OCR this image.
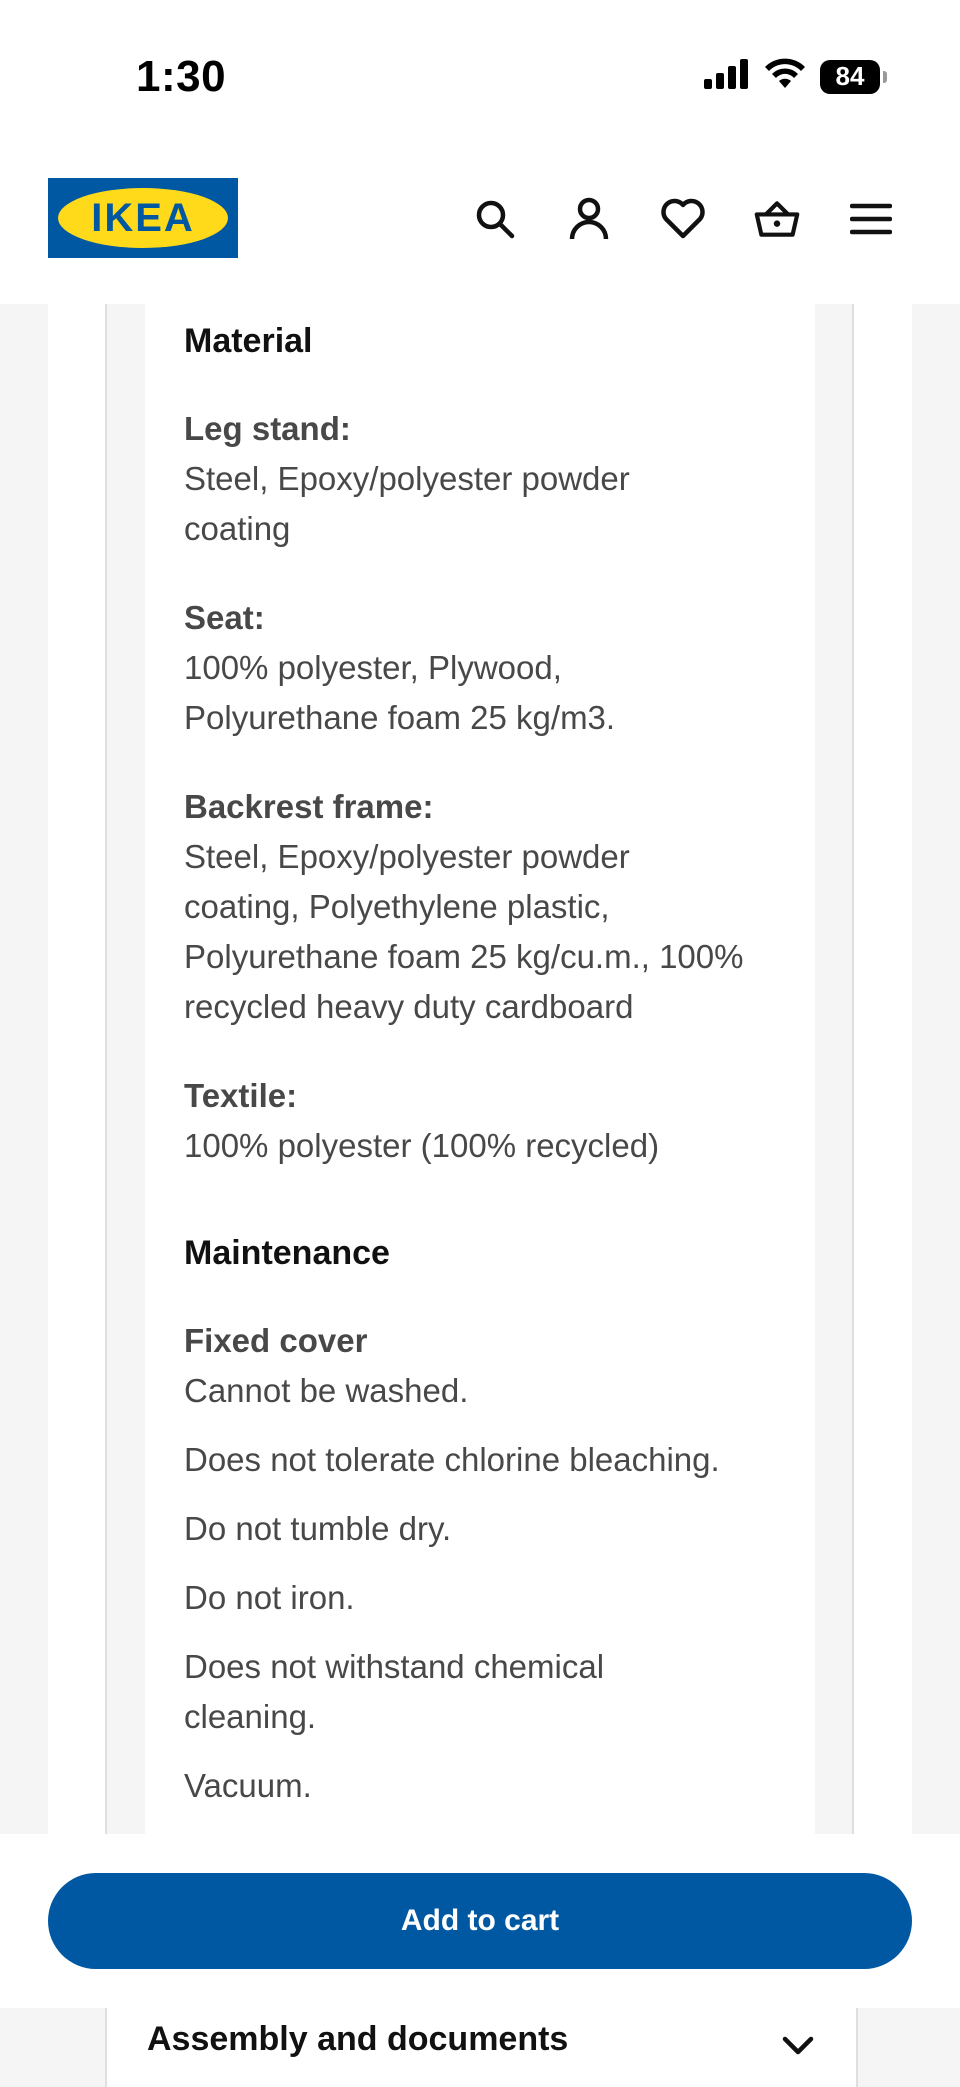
1:30	84
IKEA
Material
Leg stand:
Steel, Epoxy/polyester powder
coating
Seat:
100% polyester, Plywood,
Polyurethane foam 25 kg/m3.
Backrest frame:
Steel, Epoxy/polyester powder
coating, Polyethylene plastic,
Polyurethane foam 25 kg/cu.m., 100%
recycled heavy duty cardboard
Textile:
100% polyester (100% recycled)
Maintenance
Fixed cover
Cannot be washed.
Does not tolerate chlorine bleaching.
Do not tumble dry.
Do not iron.
Does not withstand chemical
cleaning.
Vacuum.
Add to cart
Assembly and documents
